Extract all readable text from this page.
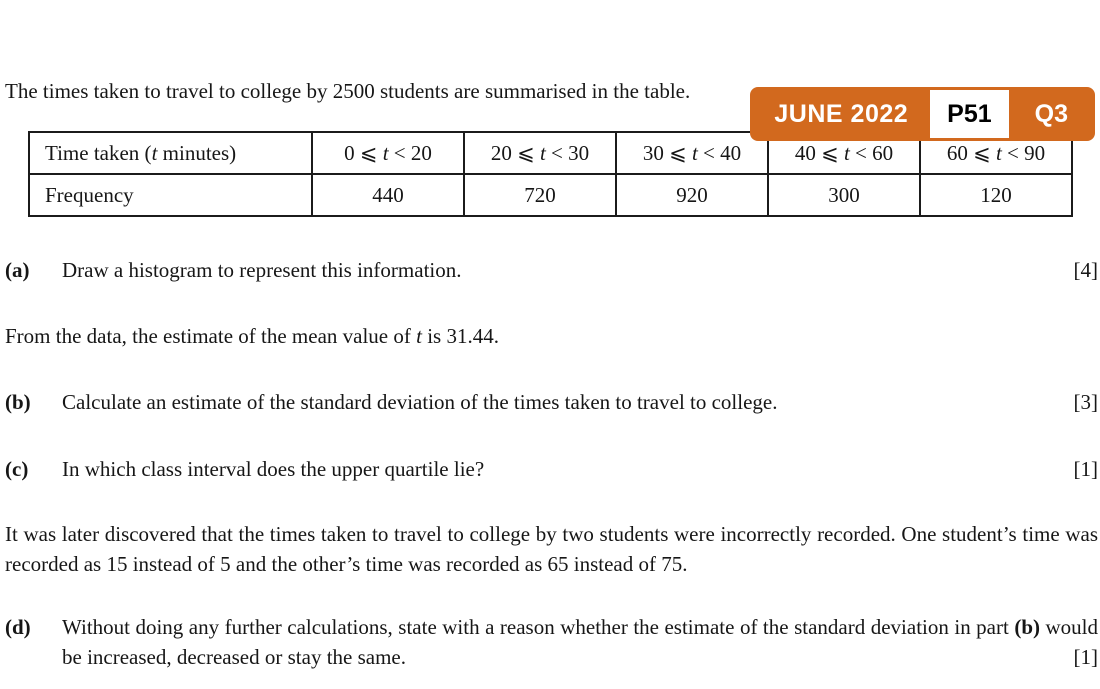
JUNE 2022	P51	Q3

The times taken to travel to college by 2500 students are summarised in the table.

Time taken (t minutes)	0 ⩽ t < 20	20 ⩽ t < 30	30 ⩽ t < 40	40 ⩽ t < 60	60 ⩽ t < 90
Frequency	440	720	920	300	120
(a)	Draw a histogram to represent this information.	[4]

From the data, the estimate of the mean value of t is 31.44.

(b)	Calculate an estimate of the standard deviation of the times taken to travel to college.	[3]
(c)	In which class interval does the upper quartile lie?	[1]

It was later discovered that the times taken to travel to college by two students were incorrectly recorded. One student’s time was recorded as 15 instead of 5 and the other’s time was recorded as 65 instead of 75.

(d)	Without doing any further calculations, state with a reason whether the estimate of the standard deviation in part (b) would be increased, decreased or stay the same.	[1]
